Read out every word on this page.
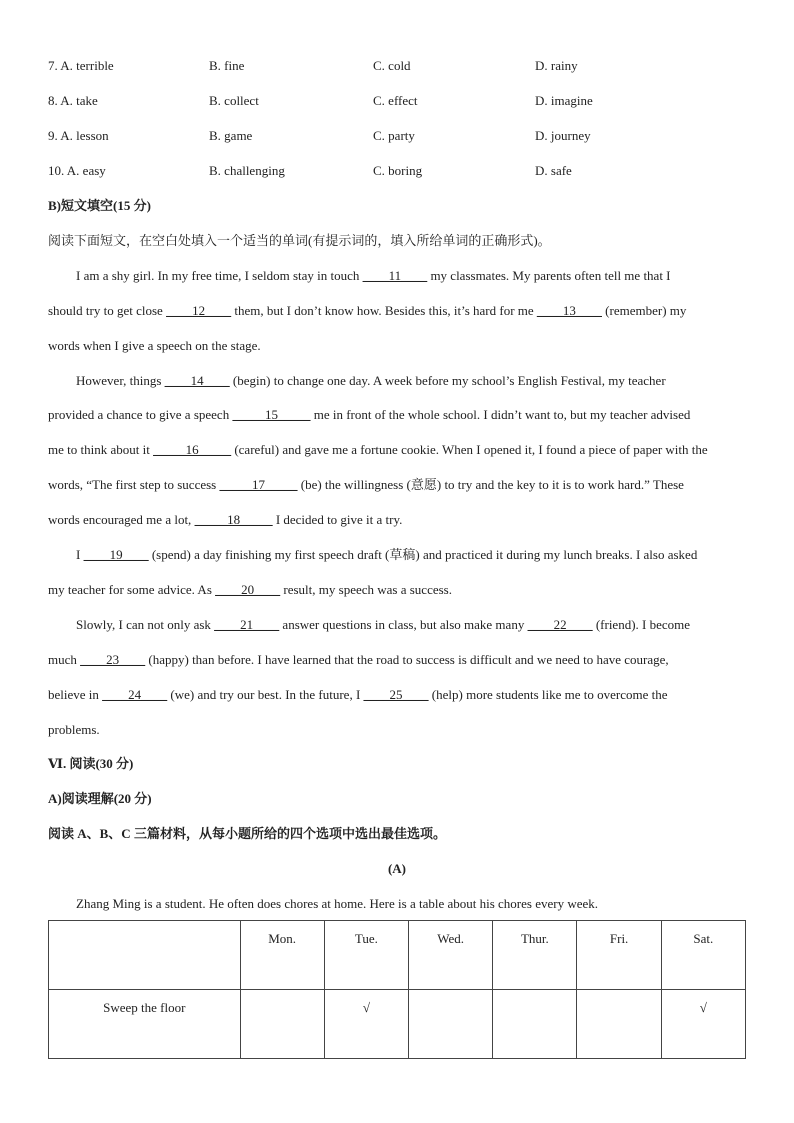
7. A. terrible	B. fine	C. cold	D. rainy
8. A. take	B. collect	C. effect	D. imagine
9. A. lesson	B. game	C. party	D. journey
10. A. easy	B. challenging	C. boring	D. safe
B)短文填空(15 分)
阅读下面短文，在空白处填入一个适当的单词(有提示词的，填入所给单词的正确形式)。
I am a shy girl. In my free time, I seldom stay in touch ____11____ my classmates. My parents often tell me that I
should try to get close ____12____ them, but I don’t know how. Besides this, it’s hard for me ____13____ (remember) my
words when I give a speech on the stage.
However, things ____14____ (begin) to change one day. A week before my school’s English Festival, my teacher
provided a chance to give a speech _____15_____ me in front of the whole school. I didn’t want to, but my teacher advised
me to think about it _____16_____ (careful) and gave me a fortune cookie. When I opened it, I found a piece of paper with the
words, “The first step to success _____17_____ (be) the willingness (意愿) to try and the key to it is to work hard.” These
words encouraged me a lot, _____18_____ I decided to give it a try.
I ____19____ (spend) a day finishing my first speech draft (草稿) and practiced it during my lunch breaks. I also asked
my teacher for some advice. As ____20____ result, my speech was a success.
Slowly, I can not only ask ____21____ answer questions in class, but also make many ____22____ (friend). I become
much ____23____ (happy) than before. I have learned that the road to success is difficult and we need to have courage,
believe in ____24____ (we) and try our best. In the future, I ____25____ (help) more students like me to overcome the
problems.
Ⅵ. 阅读(30 分)
A)阅读理解(20 分)
阅读 A、B、C 三篇材料，从每小题所给的四个选项中选出最佳选项。
(A)
Zhang Ming is a student. He often does chores at home. Here is a table about his chores every week.
	Mon.	Tue.	Wed.	Thur.	Fri.	Sat.
Sweep the floor		√				√
